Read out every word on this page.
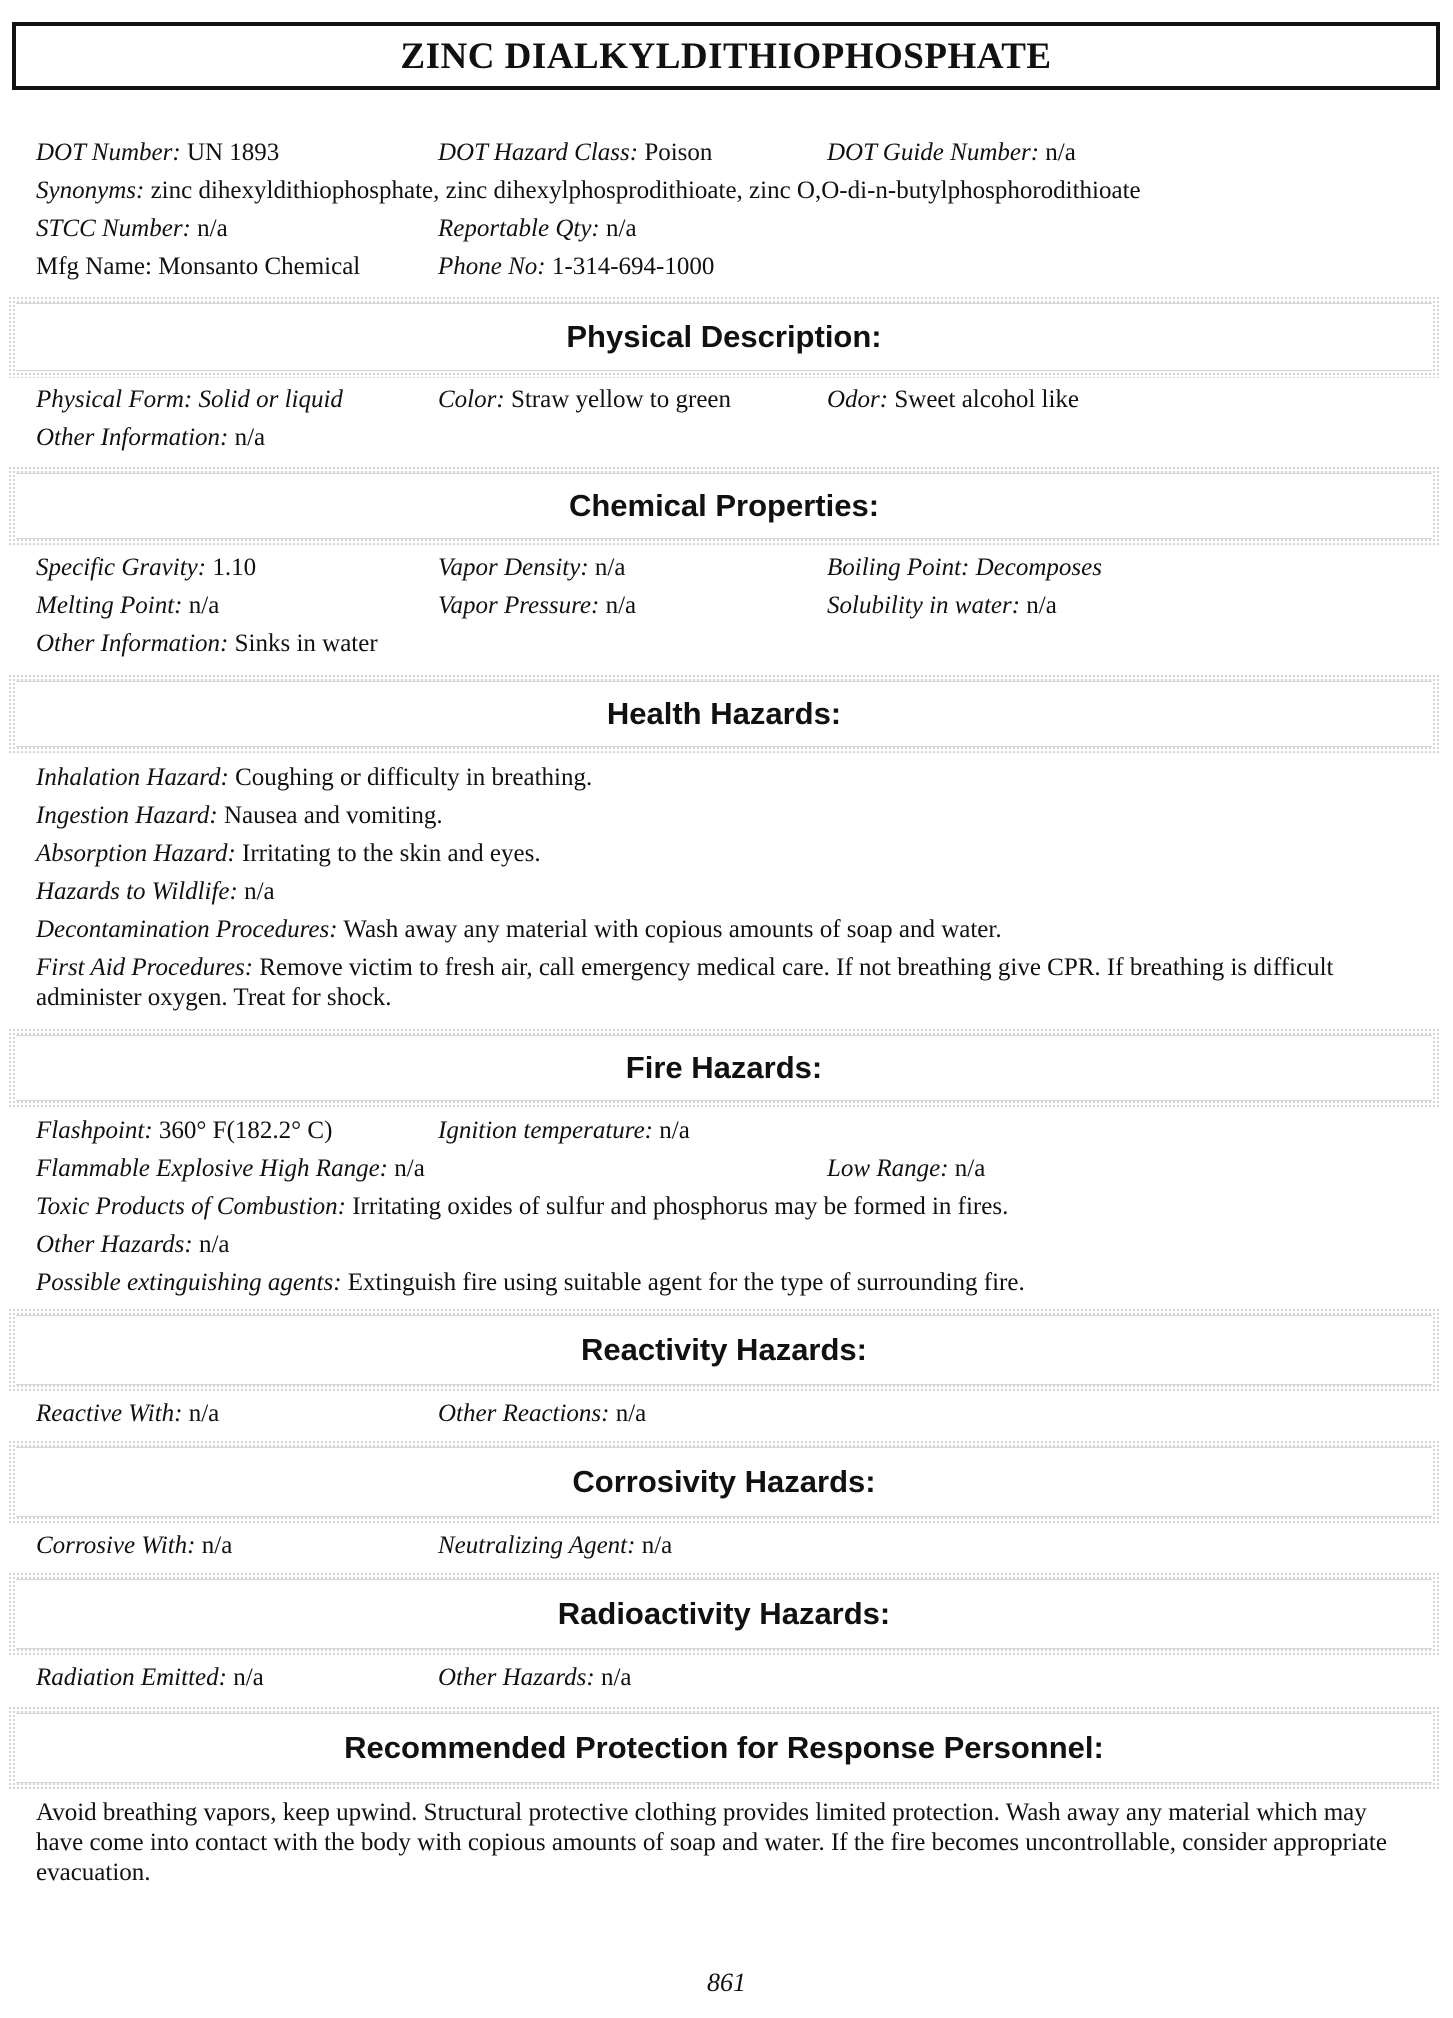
ZINC DIALKYLDITHIOPHOSPHATE
DOT Number: UN 1893	DOT Hazard Class: Poison	DOT Guide Number: n/a
Synonyms: zinc dihexyldithiophosphate, zinc dihexylphosprodithioate, zinc O,O-di-n-butylphosphorodithioate
STCC Number: n/a	Reportable Qty: n/a
Mfg Name: Monsanto Chemical	Phone No: 1-314-694-1000
Physical Description:
Physical Form: Solid or liquid	Color: Straw yellow to green	Odor: Sweet alcohol like
Other Information: n/a
Chemical Properties:
Specific Gravity: 1.10	Vapor Density: n/a	Boiling Point: Decomposes
Melting Point: n/a	Vapor Pressure: n/a	Solubility in water: n/a
Other Information: Sinks in water
Health Hazards:
Inhalation Hazard: Coughing or difficulty in breathing.
Ingestion Hazard: Nausea and vomiting.
Absorption Hazard: Irritating to the skin and eyes.
Hazards to Wildlife: n/a
Decontamination Procedures: Wash away any material with copious amounts of soap and water.
First Aid Procedures: Remove victim to fresh air, call emergency medical care. If not breathing give CPR. If breathing is difficult administer oxygen. Treat for shock.
Fire Hazards:
Flashpoint: 360° F(182.2° C)	Ignition temperature: n/a
Flammable Explosive High Range: n/a	Low Range: n/a
Toxic Products of Combustion: Irritating oxides of sulfur and phosphorus may be formed in fires.
Other Hazards: n/a
Possible extinguishing agents: Extinguish fire using suitable agent for the type of surrounding fire.
Reactivity Hazards:
Reactive With: n/a	Other Reactions: n/a
Corrosivity Hazards:
Corrosive With: n/a	Neutralizing Agent: n/a
Radioactivity Hazards:
Radiation Emitted: n/a	Other Hazards: n/a
Recommended Protection for Response Personnel:
Avoid breathing vapors, keep upwind. Structural protective clothing provides limited protection. Wash away any material which may have come into contact with the body with copious amounts of soap and water. If the fire becomes uncontrollable, consider appropriate evacuation.
861
